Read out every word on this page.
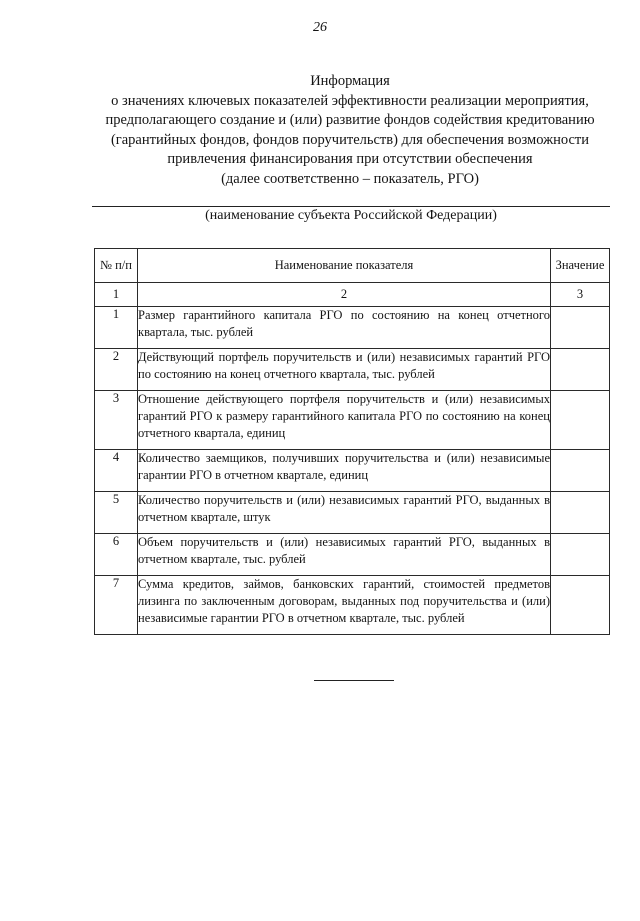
26
Информация
о значениях ключевых показателей эффективности реализации мероприятия,
предполагающего создание и (или) развитие фондов содействия кредитованию
(гарантийных фондов, фондов поручительств) для обеспечения возможности
привлечения финансирования при отсутствии обеспечения
(далее соответственно – показатель, РГО)
(наименование субъекта Российской Федерации)
№ п/п	Наименование показателя	Значение
1	2	3
1	Размер гарантийного капитала РГО по состоянию на конец отчетного квартала, тыс. рублей	
2	Действующий портфель поручительств и (или) независимых гарантий РГО по состоянию на конец отчетного квартала, тыс. рублей	
3	Отношение действующего портфеля поручительств и (или) независимых гарантий РГО к размеру гарантийного капитала РГО по состоянию на конец отчетного квартала, единиц	
4	Количество заемщиков, получивших поручительства и (или) независимые гарантии РГО в отчетном квартале, единиц	
5	Количество поручительств и (или) независимых гарантий РГО, выданных в отчетном квартале, штук	
6	Объем поручительств и (или) независимых гарантий РГО, выданных в отчетном квартале, тыс. рублей	
7	Сумма кредитов, займов, банковских гарантий, стоимостей предметов лизинга по заключенным договорам, выданных под поручительства и (или) независимые гарантии РГО в отчетном квартале, тыс. рублей	
